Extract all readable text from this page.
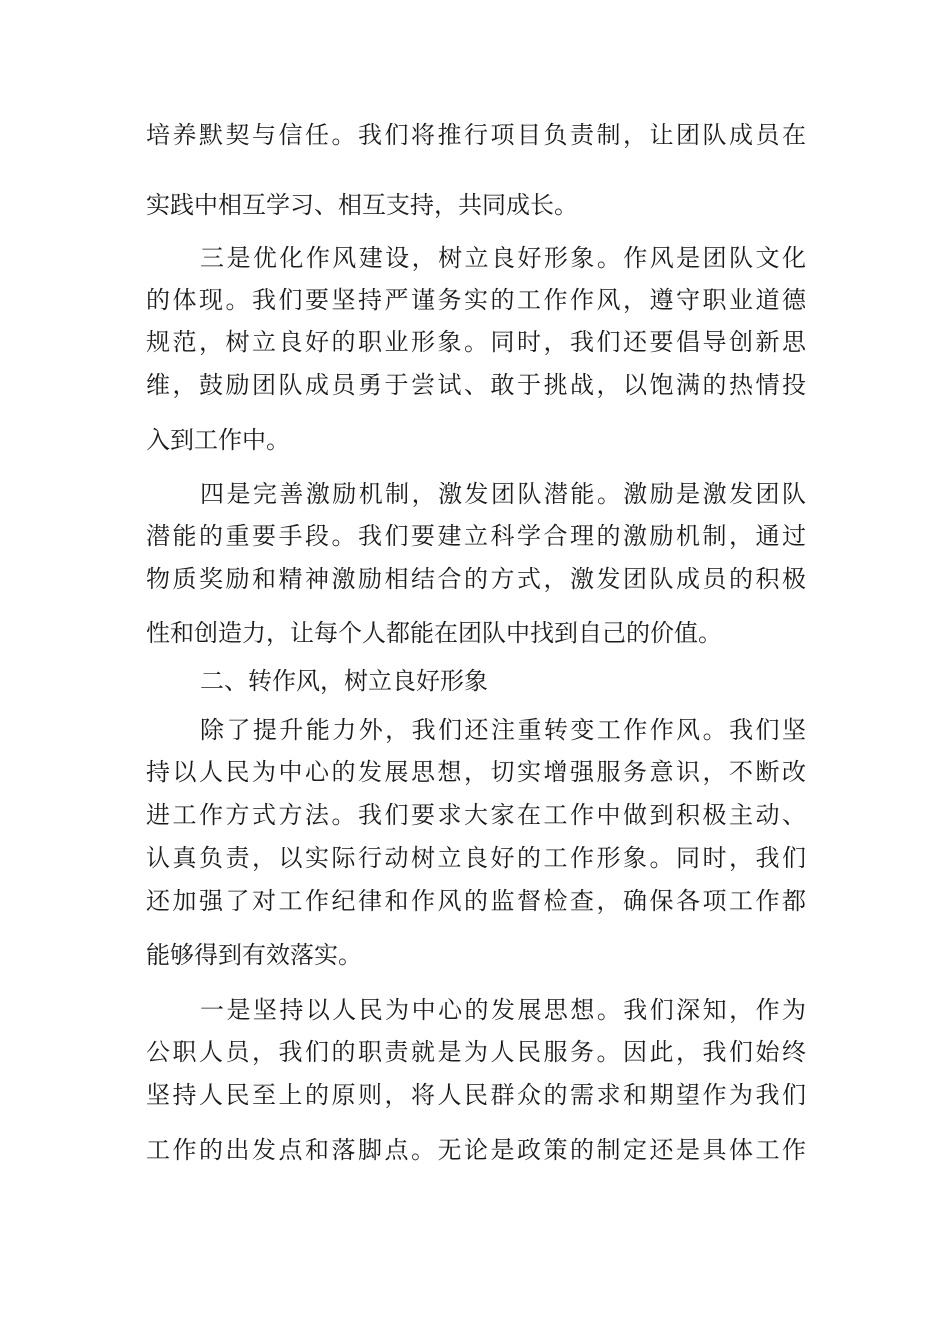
培养默契与信任。我们将推行项目负责制，让团队成员在
实践中相互学习、相互支持，共同成长。
三是优化作风建设，树立良好形象。作风是团队文化
的体现。我们要坚持严谨务实的工作作风，遵守职业道德
规范，树立良好的职业形象。同时，我们还要倡导创新思
维，鼓励团队成员勇于尝试、敢于挑战，以饱满的热情投
入到工作中。
四是完善激励机制，激发团队潜能。激励是激发团队
潜能的重要手段。我们要建立科学合理的激励机制，通过
物质奖励和精神激励相结合的方式，激发团队成员的积极
性和创造力，让每个人都能在团队中找到自己的价值。
二、转作风，树立良好形象
除了提升能力外，我们还注重转变工作作风。我们坚
持以人民为中心的发展思想，切实增强服务意识，不断改
进工作方式方法。我们要求大家在工作中做到积极主动、
认真负责，以实际行动树立良好的工作形象。同时，我们
还加强了对工作纪律和作风的监督检查，确保各项工作都
能够得到有效落实。
一是坚持以人民为中心的发展思想。我们深知，作为
公职人员，我们的职责就是为人民服务。因此，我们始终
坚持人民至上的原则，将人民群众的需求和期望作为我们
工作的出发点和落脚点。无论是政策的制定还是具体工作
